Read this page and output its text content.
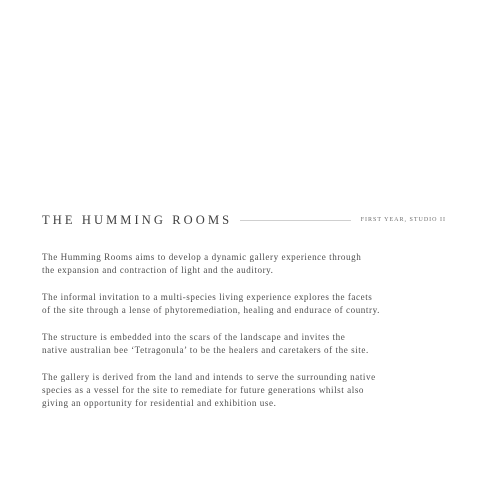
THE HUMMING ROOMS	FIRST YEAR, STUDIO II

The Humming Rooms aims to develop a dynamic gallery experience through
the expansion and contraction of light and the auditory.

The informal invitation to a multi-species living experience explores the facets
of the site through a lense of phytoremediation, healing and endurace of country.

The structure is embedded into the scars of the landscape and invites the
native australian bee ‘Tetragonula’ to be the healers and caretakers of the site.

The gallery is derived from the land and intends to serve the surrounding native
species as a vessel for the site to remediate for future generations whilst also
giving an opportunity for residential and exhibition use.
